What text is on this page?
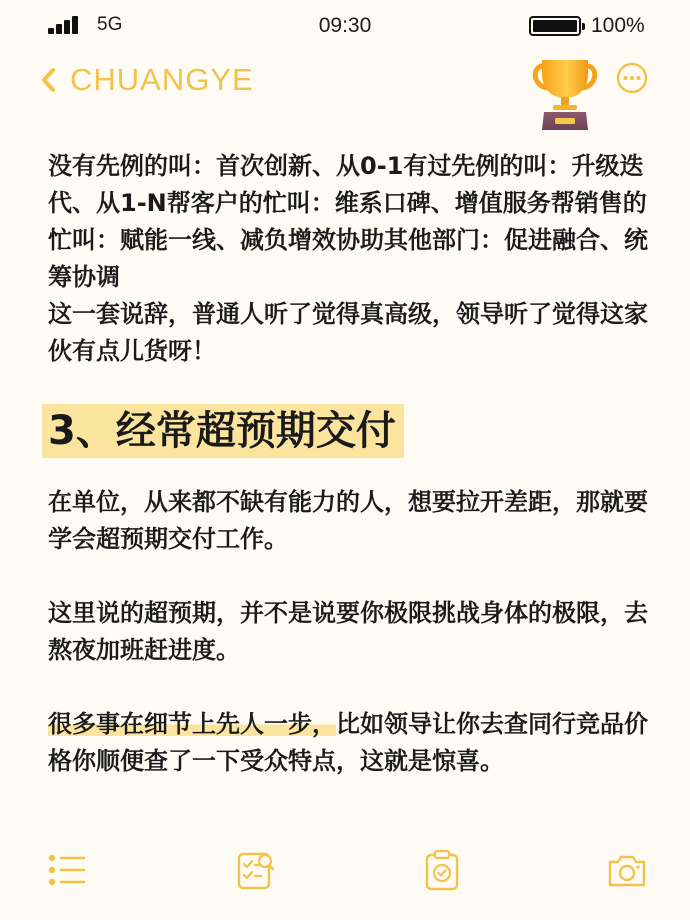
5G	09:30	100%
CHUANGYE

没有先例的叫：首次创新、从0-1有过先例的叫：升级迭代、从1-N帮客户的忙叫：维系口碑、增值服务帮销售的忙叫：赋能一线、减负增效协助其他部门：促进融合、统筹协调

这一套说辞，普通人听了觉得真高级，领导听了觉得这家伙有点儿货呀！

3、经常超预期交付

在单位，从来都不缺有能力的人，想要拉开差距，那就要学会超预期交付工作。

这里说的超预期，并不是说要你极限挑战身体的极限，去熬夜加班赶进度。

很多事在细节上先人一步，比如领导让你去查同行竞品价格你顺便查了一下受众特点，这就是惊喜。
